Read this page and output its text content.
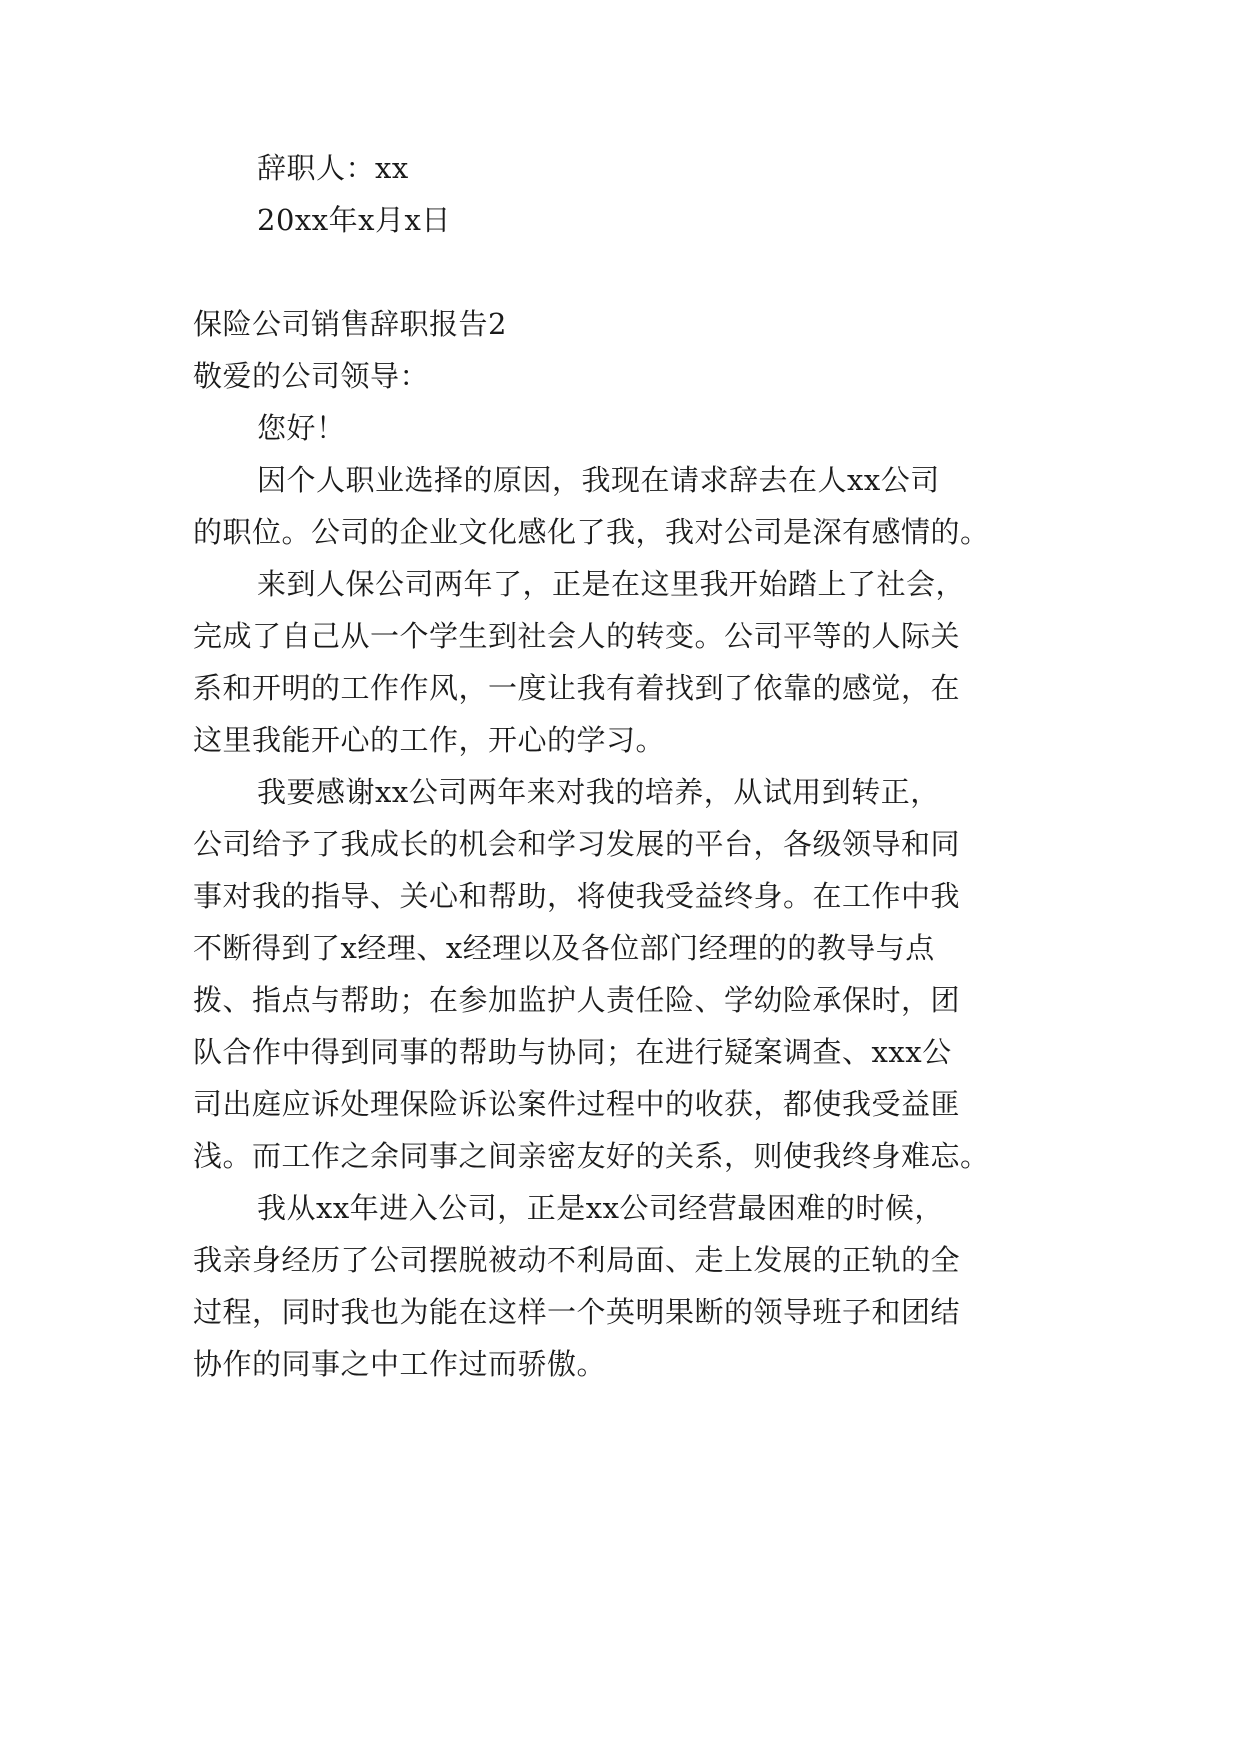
辞职人：xx
20xx年x月x日
保险公司销售辞职报告2
敬爱的公司领导：
您好！
因个人职业选择的原因，我现在请求辞去在人xx公司
的职位。公司的企业文化感化了我，我对公司是深有感情的。
来到人保公司两年了，正是在这里我开始踏上了社会，
完成了自己从一个学生到社会人的转变。公司平等的人际关
系和开明的工作作风，一度让我有着找到了依靠的感觉，在
这里我能开心的工作，开心的学习。
我要感谢xx公司两年来对我的培养，从试用到转正，
公司给予了我成长的机会和学习发展的平台，各级领导和同
事对我的指导、关心和帮助，将使我受益终身。在工作中我
不断得到了x经理、x经理以及各位部门经理的的教导与点
拨、指点与帮助；在参加监护人责任险、学幼险承保时，团
队合作中得到同事的帮助与协同；在进行疑案调查、xxx公
司出庭应诉处理保险诉讼案件过程中的收获，都使我受益匪
浅。而工作之余同事之间亲密友好的关系，则使我终身难忘。
我从xx年进入公司，正是xx公司经营最困难的时候，
我亲身经历了公司摆脱被动不利局面、走上发展的正轨的全
过程，同时我也为能在这样一个英明果断的领导班子和团结
协作的同事之中工作过而骄傲。
